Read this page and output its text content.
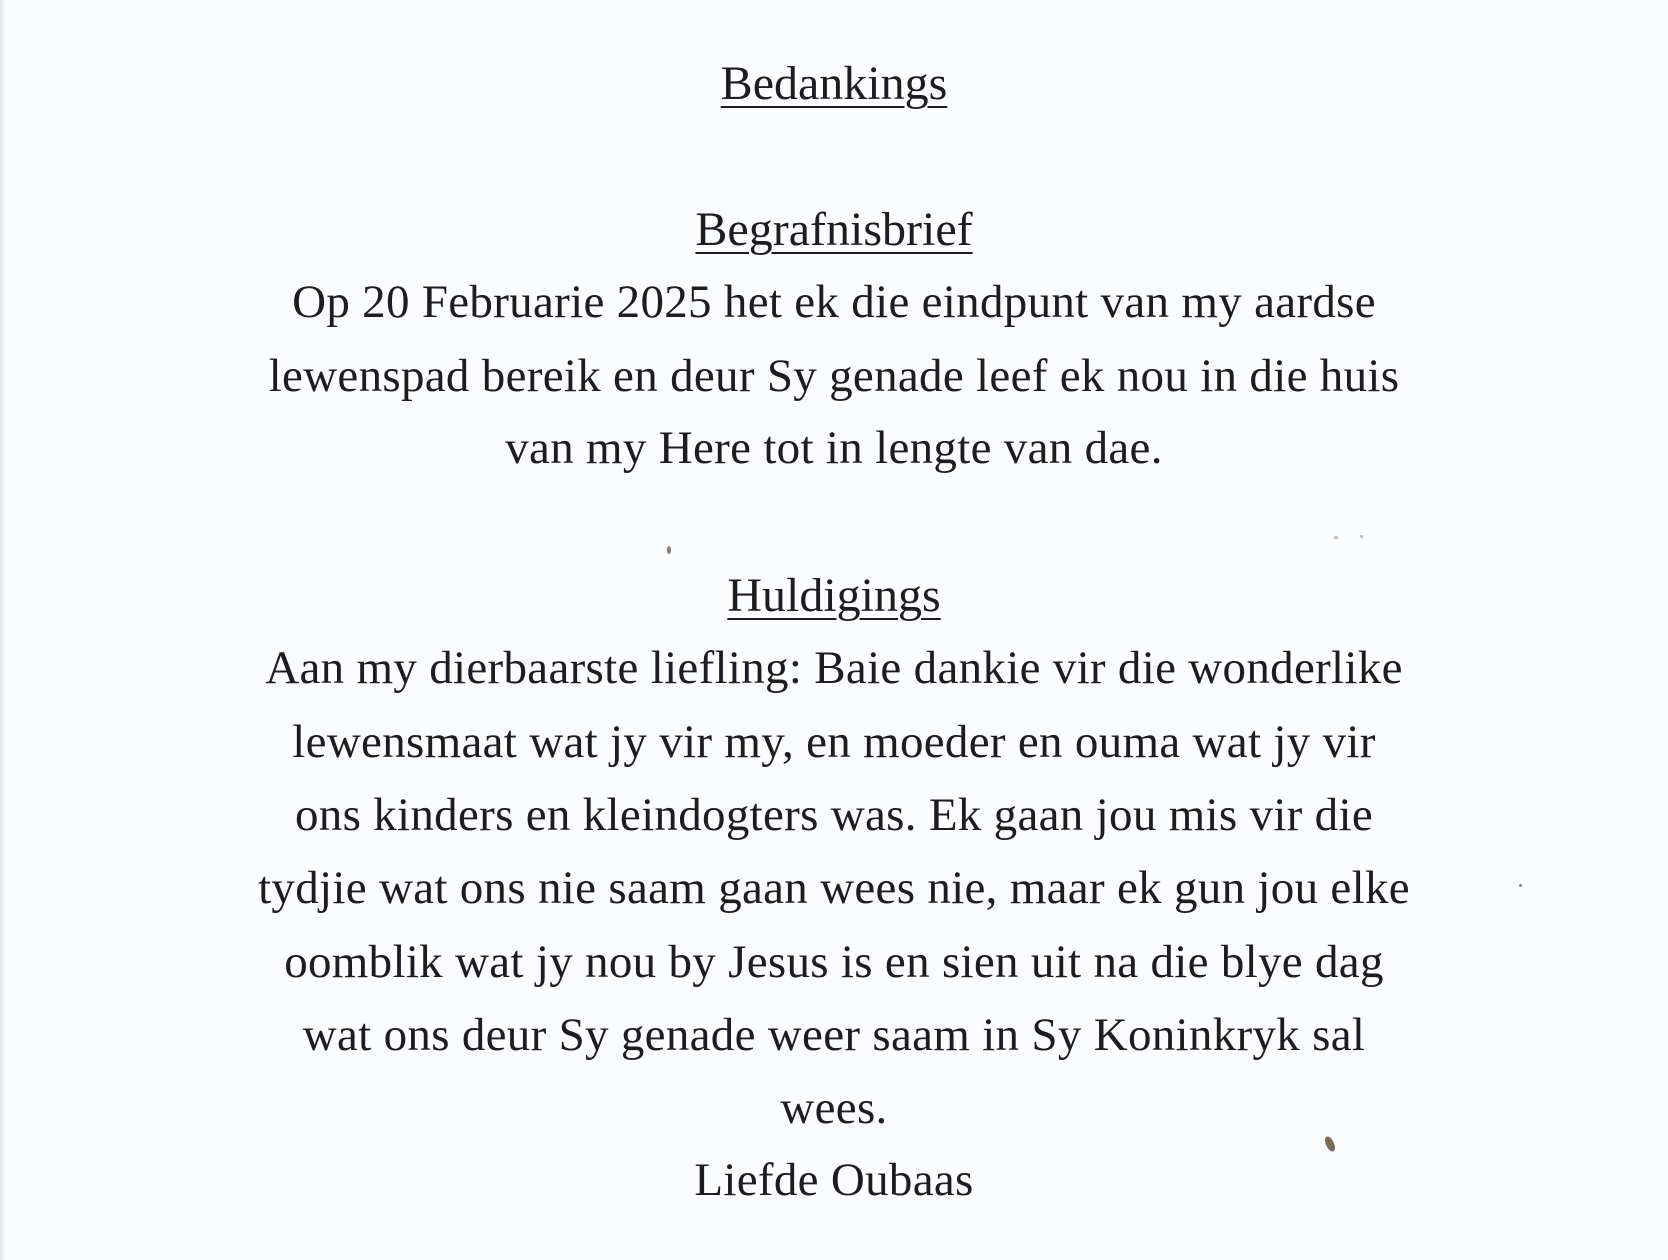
Bedankings
Begrafnisbrief

Op 20 Februarie 2025 het ek die eindpunt van my aardse

lewenspad bereik en deur Sy genade leef ek nou in die huis

van my Here tot in lengte van dae.

Huldigings

Aan my dierbaarste liefling: Baie dankie vir die wonderlike

lewensmaat wat jy vir my, en moeder en ouma wat jy vir

ons kinders en kleindogters was. Ek gaan jou mis vir die

tydjie wat ons nie saam gaan wees nie, maar ek gun jou elke

oomblik wat jy nou by Jesus is en sien uit na die blye dag

wat ons deur Sy genade weer saam in Sy Koninkryk sal

wees.

Liefde Oubaas
